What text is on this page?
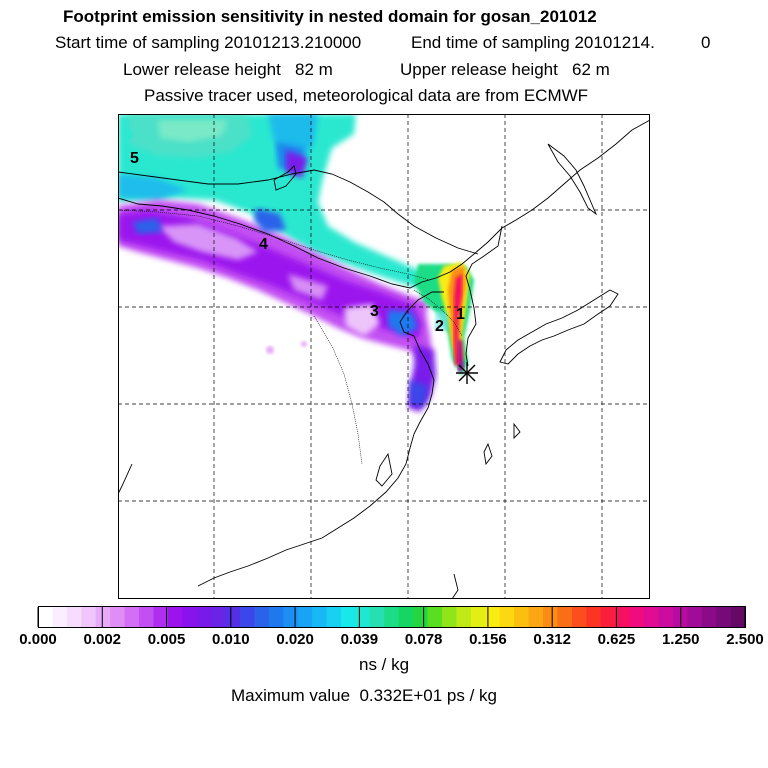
Footprint emission sensitivity in nested domain for gosan_201012
Start time of sampling 20101213.210000	End time of sampling 20101214.	0
Lower release height   82 m	Upper release height   62 m
Passive tracer used, meteorological data are from ECMWF
5
4
3
2
1
0.000 0.002 0.005 0.010 0.020 0.039 0.078 0.156 0.312 0.625 1.250 2.500
ns / kg
Maximum value  0.332E+01 ps / kg
